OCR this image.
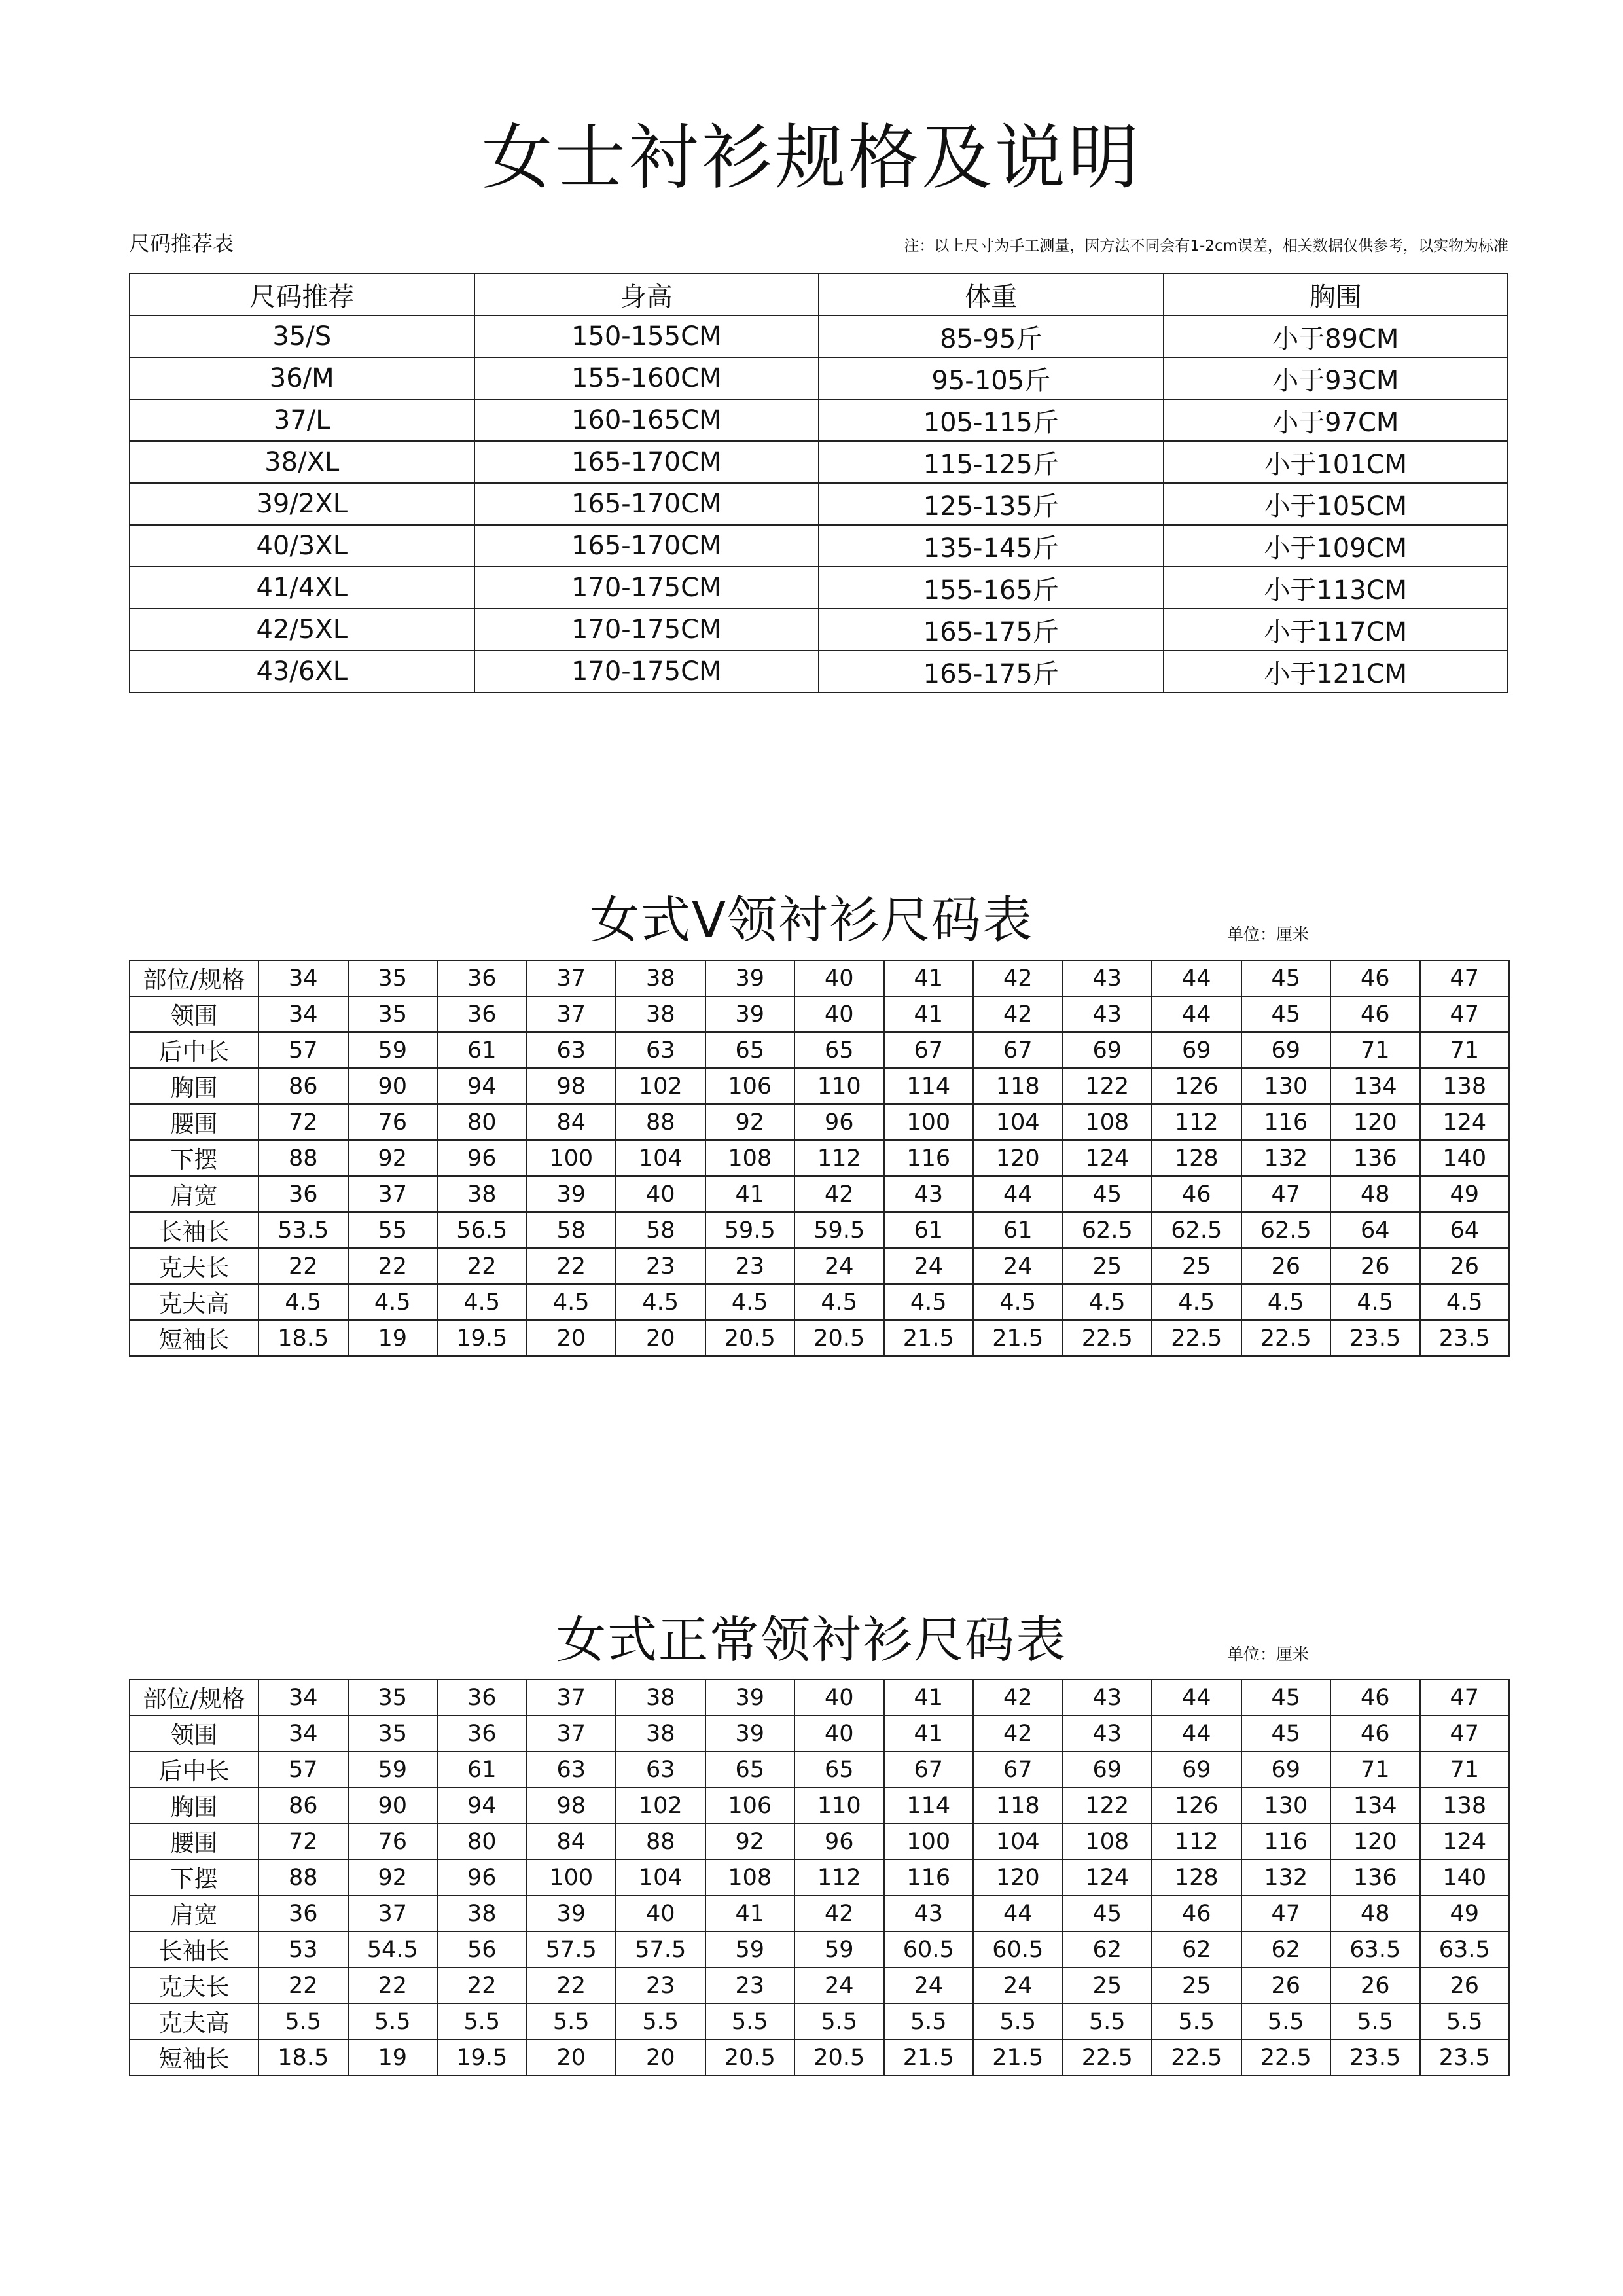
女士衬衫规格及说明
尺码推荐表	注：以上尺寸为手工测量，因方法不同会有1-2cm误差，相关数据仅供参考，以实物为标准
尺码推荐	身高	体重	胸围
35/S	150-155CM	85-95斤	小于89CM
36/M	155-160CM	95-105斤	小于93CM
37/L	160-165CM	105-115斤	小于97CM
38/XL	165-170CM	115-125斤	小于101CM
39/2XL	165-170CM	125-135斤	小于105CM
40/3XL	165-170CM	135-145斤	小于109CM
41/4XL	170-175CM	155-165斤	小于113CM
42/5XL	170-175CM	165-175斤	小于117CM
43/6XL	170-175CM	165-175斤	小于121CM
女式V领衬衫尺码表	单位：厘米
部位/规格	34	35	36	37	38	39	40	41	42	43	44	45	46	47
领围	34	35	36	37	38	39	40	41	42	43	44	45	46	47
后中长	57	59	61	63	63	65	65	67	67	69	69	69	71	71
胸围	86	90	94	98	102	106	110	114	118	122	126	130	134	138
腰围	72	76	80	84	88	92	96	100	104	108	112	116	120	124
下摆	88	92	96	100	104	108	112	116	120	124	128	132	136	140
肩宽	36	37	38	39	40	41	42	43	44	45	46	47	48	49
长袖长	53.5	55	56.5	58	58	59.5	59.5	61	61	62.5	62.5	62.5	64	64
克夫长	22	22	22	22	23	23	24	24	24	25	25	26	26	26
克夫高	4.5	4.5	4.5	4.5	4.5	4.5	4.5	4.5	4.5	4.5	4.5	4.5	4.5	4.5
短袖长	18.5	19	19.5	20	20	20.5	20.5	21.5	21.5	22.5	22.5	22.5	23.5	23.5
女式正常领衬衫尺码表	单位：厘米
部位/规格	34	35	36	37	38	39	40	41	42	43	44	45	46	47
领围	34	35	36	37	38	39	40	41	42	43	44	45	46	47
后中长	57	59	61	63	63	65	65	67	67	69	69	69	71	71
胸围	86	90	94	98	102	106	110	114	118	122	126	130	134	138
腰围	72	76	80	84	88	92	96	100	104	108	112	116	120	124
下摆	88	92	96	100	104	108	112	116	120	124	128	132	136	140
肩宽	36	37	38	39	40	41	42	43	44	45	46	47	48	49
长袖长	53	54.5	56	57.5	57.5	59	59	60.5	60.5	62	62	62	63.5	63.5
克夫长	22	22	22	22	23	23	24	24	24	25	25	26	26	26
克夫高	5.5	5.5	5.5	5.5	5.5	5.5	5.5	5.5	5.5	5.5	5.5	5.5	5.5	5.5
短袖长	18.5	19	19.5	20	20	20.5	20.5	21.5	21.5	22.5	22.5	22.5	23.5	23.5
